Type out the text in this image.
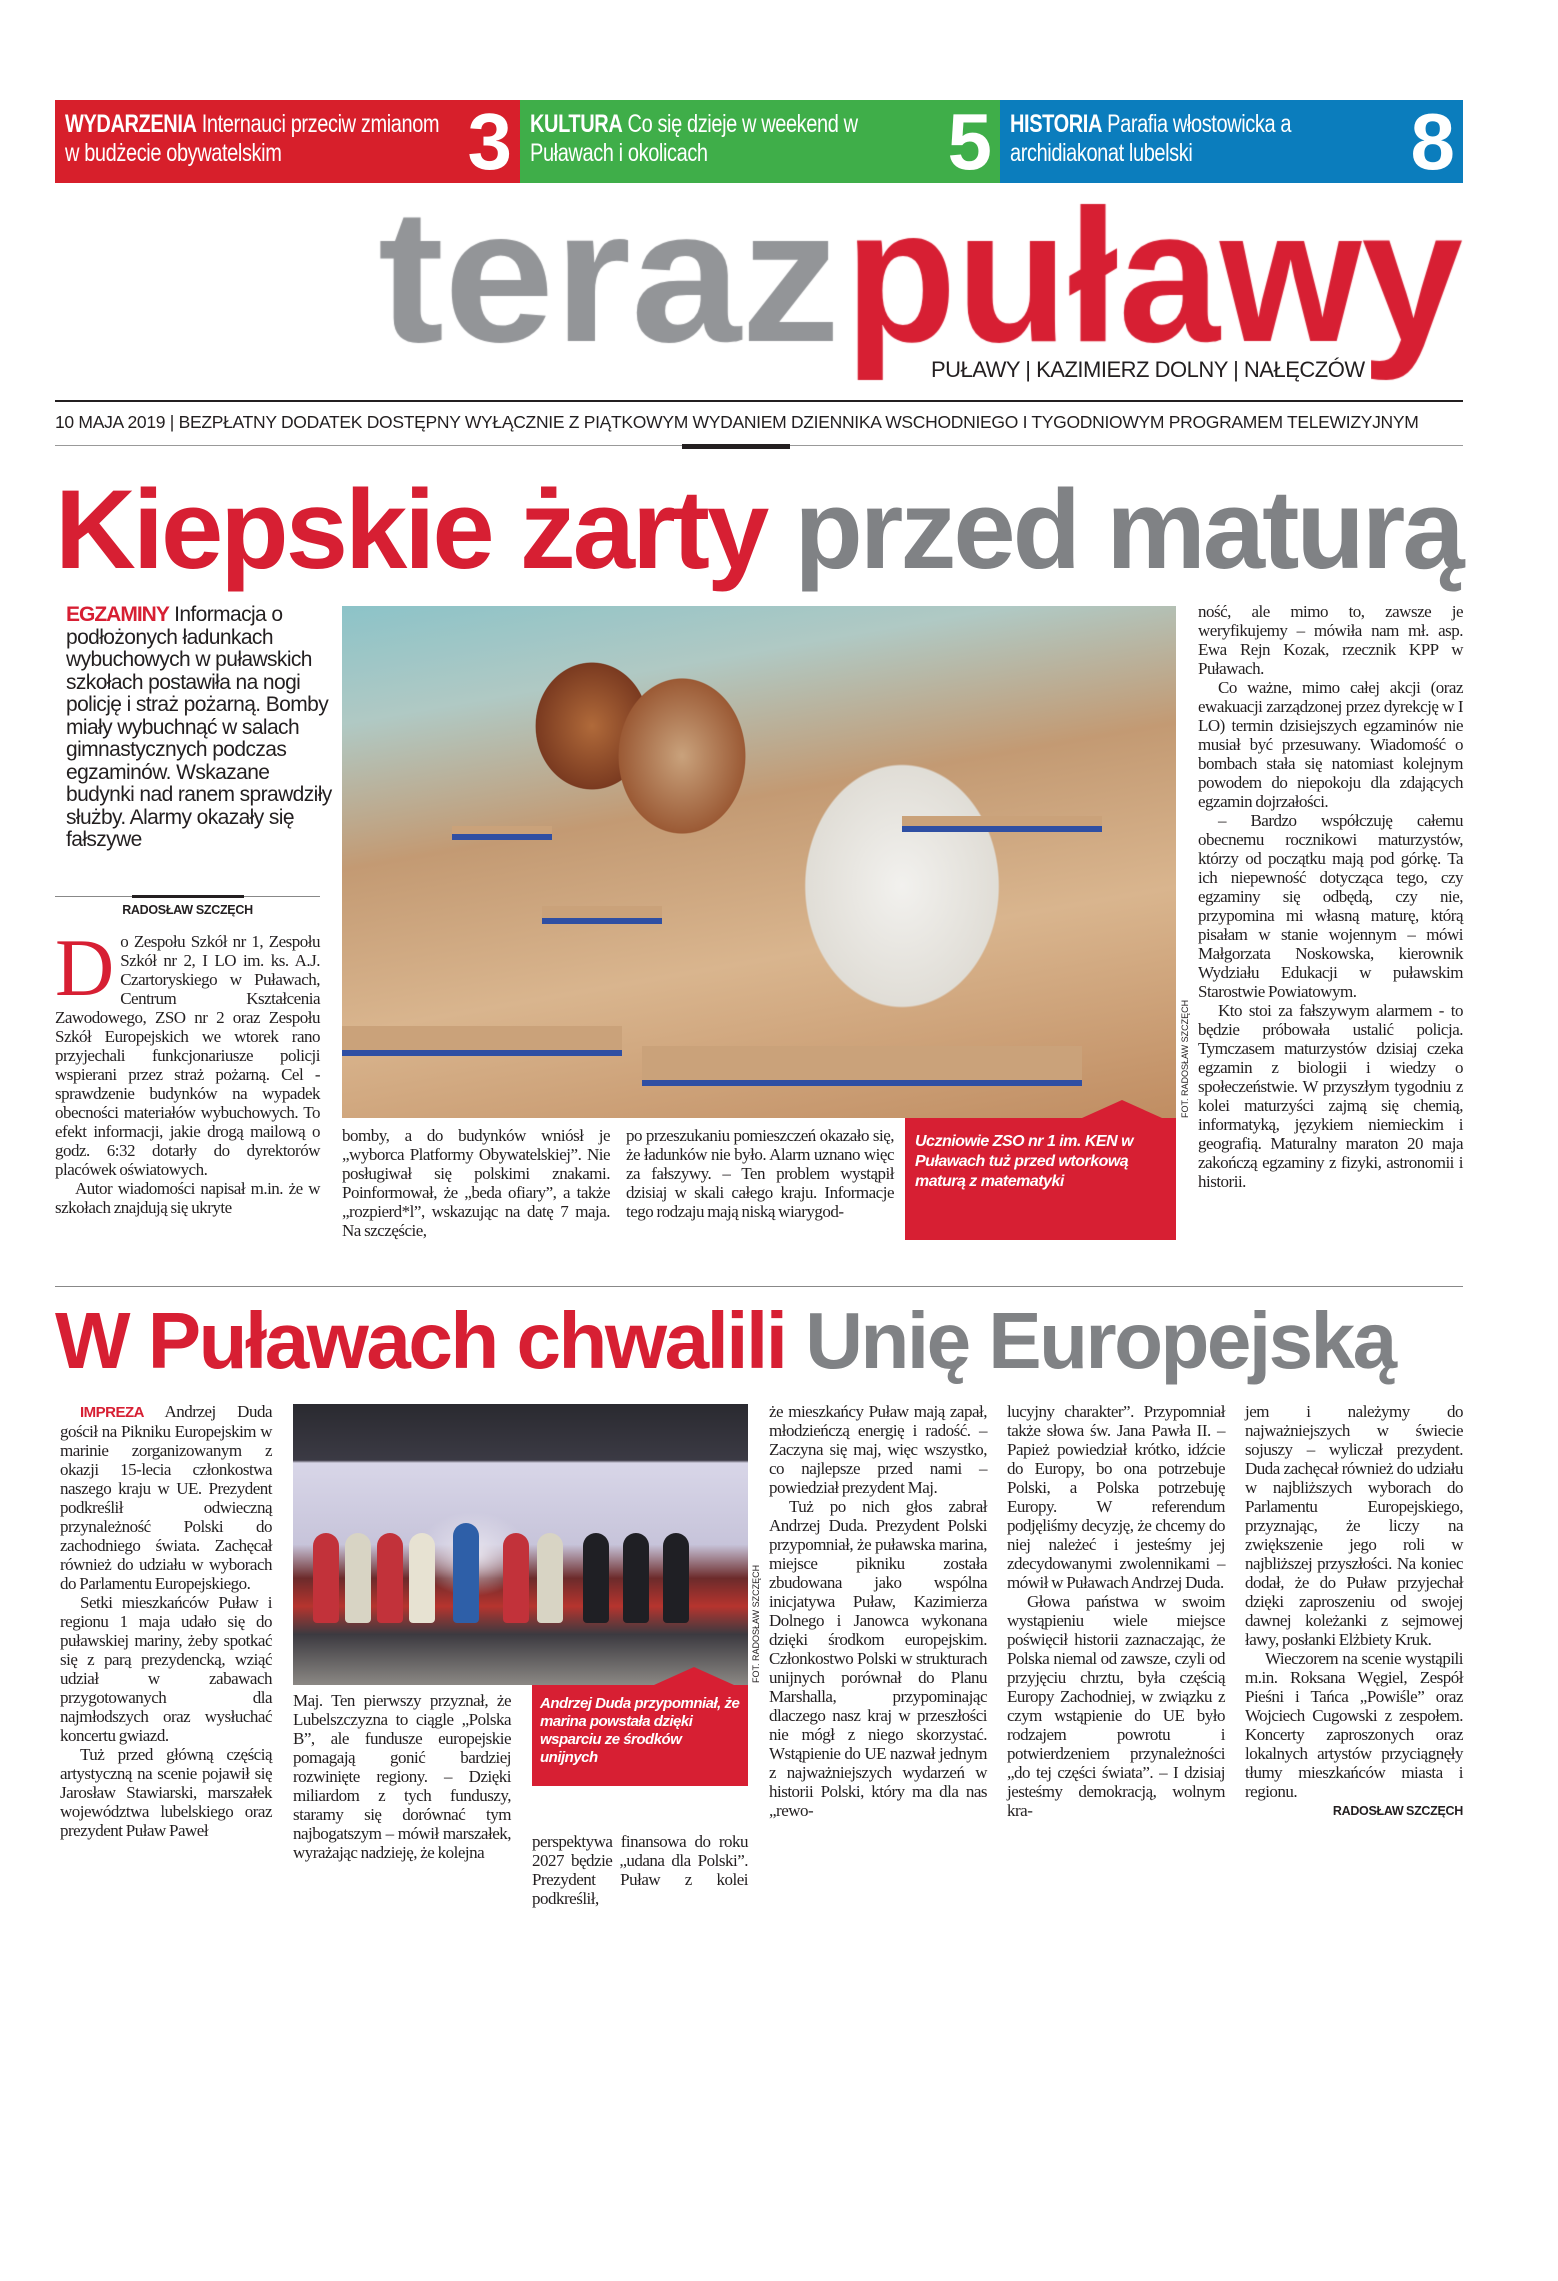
WYDARZENIA Internauci przeciw zmianom w budżecie obywatelskim	3 KULTURA Co się dzieje w weekend w Puławach i okolicach	5 HISTORIA Parafia włostowicka a archidiakonat lubelski	8
PUŁAWY | KAZIMIERZ DOLNY | NAŁĘCZÓW
10 MAJA 2019 | BEZPŁATNY DODATEK DOSTĘPNY WYŁĄCZNIE Z PIĄTKOWYM WYDANIEM DZIENNIKA WSCHODNIEGO I TYGODNIOWYM PROGRAMEM TELEWIZYJNYM
Kiepskie żarty przed maturą
EGZAMINY Informacja o podłożonych ładunkach wybuchowych w puławskich szkołach postawiła na nogi policję i straż pożarną. Bomby miały wybuchnąć w salach gimnastycznych podczas egzaminów. Wskazane budynki nad ranem sprawdziły służby. Alarmy okazały się fałszywe
RADOSŁAW SZCZĘCH

Do Zespołu Szkół nr 1, Zespołu Szkół nr 2, I LO im. ks. A.J. Czartoryskiego w Puławach, Centrum Kształcenia Zawodowego, ZSO nr 2 oraz Zespołu Szkół Europejskich we wtorek rano przyjechali funkcjonariusze policji wspierani przez straż pożarną. Cel - sprawdzenie budynków na wypadek obecności materiałów wybuchowych. To efekt informacji, jakie drogą mailową o godz. 6:32 dotarły do dyrektorów placówek oświatowych.

Autor wiadomości napisał m.in. że w szkołach znajdują się ukryte

FOT. RADOSŁAW SZCZĘCH

bomby, a do budynków wniósł je „wyborca Platformy Obywatelskiej”. Nie posługiwał się polskimi znakami. Poinformował, że „beda ofiary”, a także „rozpierd*l”, wskazując na datę 7 maja. Na szczęście,

po przeszukaniu pomieszczeń okazało się, że ładunków nie było. Alarm uznano więc za fałszywy. – Ten problem wystąpił dzisiaj w skali całego kraju. Informacje tego rodzaju mają niską wiarygod-

Uczniowie ZSO nr 1 im. KEN w Puławach tuż przed wtorkową maturą z matematyki

ność, ale mimo to, zawsze je weryfikujemy – mówiła nam mł. asp. Ewa Rejn Kozak, rzecznik KPP w Puławach.

Co ważne, mimo całej akcji (oraz ewakuacji zarządzonej przez dyrekcję w I LO) termin dzisiejszych egzaminów nie musiał być przesuwany. Wiadomość o bombach stała się natomiast kolejnym powodem do niepokoju dla zdających egzamin dojrzałości.

– Bardzo współczuję całemu obecnemu rocznikowi maturzystów, którzy od początku mają pod górkę. Ta ich niepewność dotycząca tego, czy egzaminy się odbędą, czy nie, przypomina mi własną maturę, którą pisałam w stanie wojennym – mówi Małgorzata Noskowska, kierownik Wydziału Edukacji w puławskim Starostwie Powiatowym.

Kto stoi za fałszywym alarmem - to będzie próbowała ustalić policja. Tymczasem maturzystów dzisiaj czeka egzamin z biologii i wiedzy o społeczeństwie. W przyszłym tygodniu z kolei maturzyści zajmą się chemią, informatyką, językiem niemieckim i geografią. Maturalny maraton 20 maja zakończą egzaminy z fizyki, astronomii i historii.

W Puławach chwalili Unię Europejską

IMPREZA Andrzej Duda gościł na Pikniku Europejskim w marinie zorganizowanym z okazji 15-lecia członkostwa naszego kraju w UE. Prezydent podkreślił odwieczną przynależność Polski do zachodniego świata. Zachęcał również do udziału w wyborach do Parlamentu Europejskiego.

Setki mieszkańców Puław i regionu 1 maja udało się do puławskiej mariny, żeby spotkać się z parą prezydencką, wziąć udział w zabawach przygotowanych dla najmłodszych oraz wysłuchać koncertu gwiazd.

Tuż przed główną częścią artystyczną na scenie pojawił się Jarosław Stawiarski, marszałek województwa lubelskiego oraz prezydent Puław Paweł

FOT. RADOSŁAW SZCZĘCH

Maj. Ten pierwszy przyznał, że Lubelszczyzna to ciągle „Polska B”, ale fundusze europejskie pomagają gonić bardziej rozwinięte regiony. – Dzięki miliardom z tych funduszy, staramy się dorównać tym najbogatszym – mówił marszałek, wyrażając nadzieję, że kolejna

Andrzej Duda przypomniał, że marina powstała dzięki wsparciu ze środków unijnych

perspektywa finansowa do roku 2027 będzie „udana dla Polski”. Prezydent Puław z kolei podkreślił,

że mieszkańcy Puław mają zapał, młodzieńczą energię i radość. – Zaczyna się maj, więc wszystko, co najlepsze przed nami – powiedział prezydent Maj.

Tuż po nich głos zabrał Andrzej Duda. Prezydent Polski przypomniał, że puławska marina, miejsce pikniku została zbudowana jako wspólna inicjatywa Puław, Kazimierza Dolnego i Janowca wykonana dzięki środkom europejskim. Członkostwo Polski w strukturach unijnych porównał do Planu Marshalla, przypominając dlaczego nasz kraj w przeszłości nie mógł z niego skorzystać. Wstąpienie do UE nazwał jednym z najważniejszych wydarzeń w historii Polski, który ma dla nas „rewo-

lucyjny charakter”. Przypomniał także słowa św. Jana Pawła II. – Papież powiedział krótko, idźcie do Europy, bo ona potrzebuje Polski, a Polska potrzebuję Europy. W referendum podjęliśmy decyzję, że chcemy do niej należeć i jesteśmy jej zdecydowanymi zwolennikami – mówił w Puławach Andrzej Duda.

Głowa państwa w swoim wystąpieniu wiele miejsce poświęcił historii zaznaczając, że Polska niemal od zawsze, czyli od przyjęciu chrztu, była częścią Europy Zachodniej, w związku z czym wstąpienie do UE było rodzajem powrotu i potwierdzeniem przynależności „do tej części świata”. – I dzisiaj jesteśmy demokracją, wolnym kra-

jem i należymy do najważniejszych w świecie sojuszy – wyliczał prezydent. Duda zachęcał również do udziału w najbliższych wyborach do Parlamentu Europejskiego, przyznając, że liczy na zwiększenie jego roli w najbliższej przyszłości. Na koniec dodał, że do Puław przyjechał dzięki zaproszeniu od swojej dawnej koleżanki z sejmowej ławy, posłanki Elżbiety Kruk.

Wieczorem na scenie wystąpili m.in. Roksana Węgiel, Zespół Pieśni i Tańca „Powiśle” oraz Wojciech Cugowski z zespołem. Koncerty zaproszonych oraz lokalnych artystów przyciągnęły tłumy mieszkańców miasta i regionu.

RADOSŁAW SZCZĘCH
